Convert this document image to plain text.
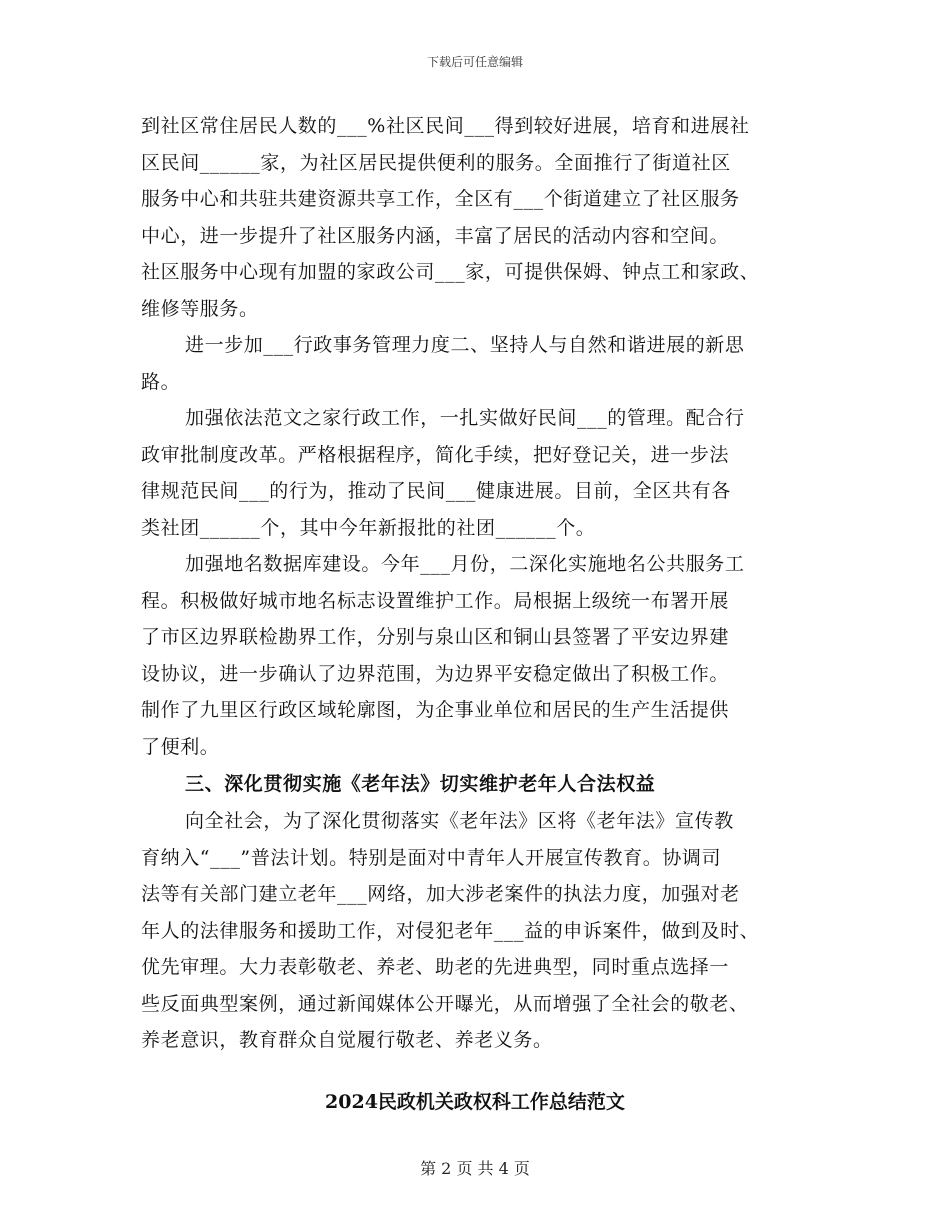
下载后可任意编辑
到社区常住居民人数的___%社区民间___得到较好进展，培育和进展社
区民间______家，为社区居民提供便利的服务。全面推行了街道社区
服务中心和共驻共建资源共享工作，全区有___个街道建立了社区服务
中心，进一步提升了社区服务内涵，丰富了居民的活动内容和空间。
社区服务中心现有加盟的家政公司___家，可提供保姆、钟点工和家政、
维修等服务。
进一步加___行政事务管理力度二、坚持人与自然和谐进展的新思
路。
加强依法范文之家行政工作，一扎实做好民间___的管理。配合行
政审批制度改革。严格根据程序，简化手续，把好登记关，进一步法
律规范民间___的行为，推动了民间___健康进展。目前，全区共有各
类社团______个，其中今年新报批的社团______个。
加强地名数据库建设。今年___月份，二深化实施地名公共服务工
程。积极做好城市地名标志设置维护工作。局根据上级统一布署开展
了市区边界联检勘界工作，分别与泉山区和铜山县签署了平安边界建
设协议，进一步确认了边界范围，为边界平安稳定做出了积极工作。
制作了九里区行政区域轮廓图，为企事业单位和居民的生产生活提供
了便利。
三、深化贯彻实施《老年法》切实维护老年人合法权益
向全社会，为了深化贯彻落实《老年法》区将《老年法》宣传教
育纳入“___”普法计划。特别是面对中青年人开展宣传教育。协调司
法等有关部门建立老年___网络，加大涉老案件的执法力度，加强对老
年人的法律服务和援助工作，对侵犯老年___益的申诉案件，做到及时、
优先审理。大力表彰敬老、养老、助老的先进典型，同时重点选择一
些反面典型案例，通过新闻媒体公开曝光，从而增强了全社会的敬老、
养老意识，教育群众自觉履行敬老、养老义务。
2024民政机关政权科工作总结范文
第 2 页 共 4 页
